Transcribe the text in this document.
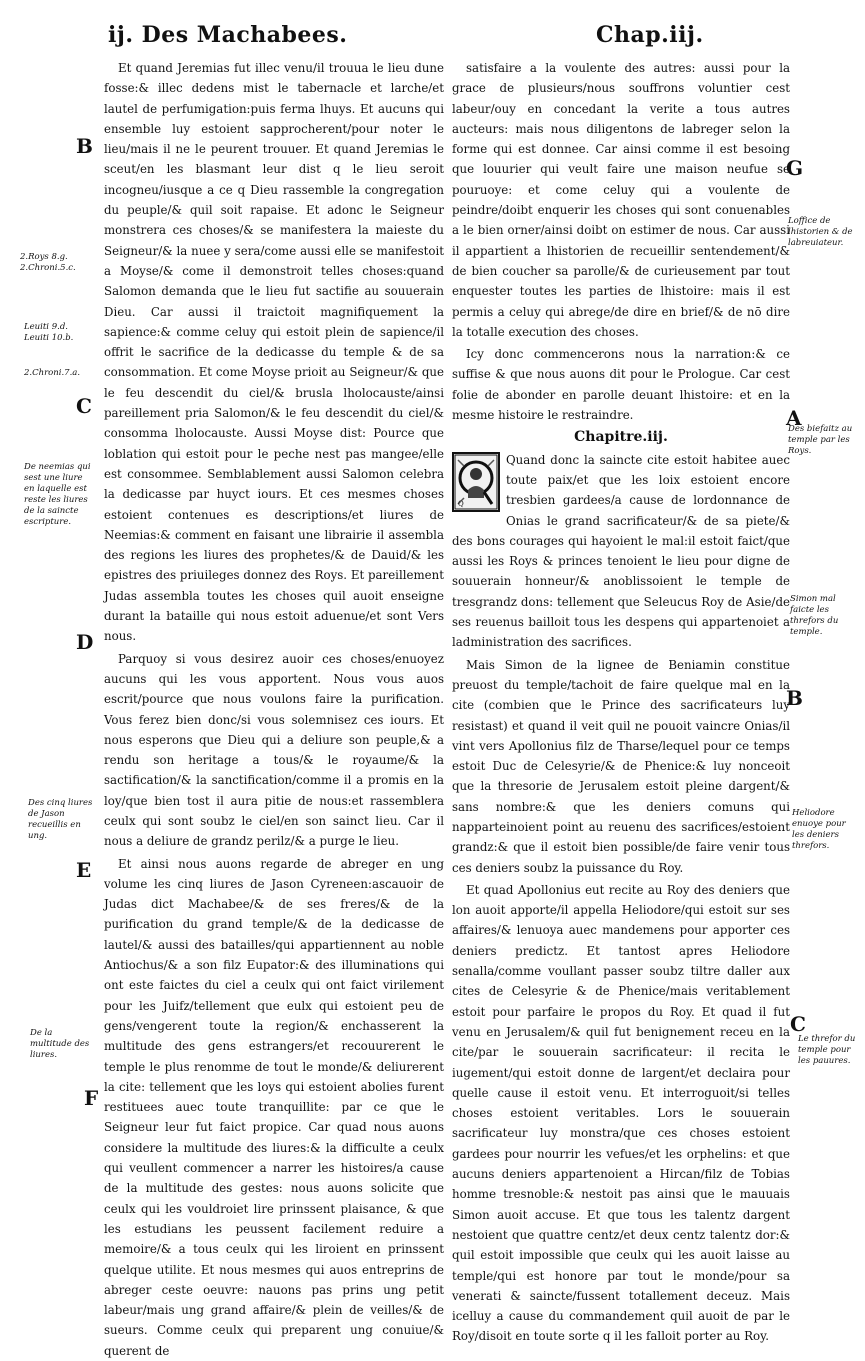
ij. Des Machabees.	Chap.iij.

Et quand Jeremias fut illec venu/il trouua le lieu dune fosse:& illec dedens mist le tabernacle et larche/et lautel de perfumigation:puis ferma lhuys. Et aucuns qui ensemble luy estoient sapprocherent/pour noter le lieu/mais il ne le peurent trouuer. Et quand Jeremias le sceut/en les blasmant leur dist q le lieu seroit incogneu/iusque a ce q Dieu rassemble la congregation du peuple/& quil soit rapaise. Et adonc le Seigneur monstrera ces choses/& se manifestera la maieste du Seigneur/& la nuee y sera/come aussi elle se manifestoit a Moyse/& come il demonstroit telles choses:quand Salomon demanda que le lieu fut sactifie au souuerain Dieu. Car aussi il traictoit magnifiquement la sapience:& comme celuy qui estoit plein de sapience/il offrit le sacrifice de la dedicasse du temple & de sa consommation. Et come Moyse prioit au Seigneur/& que le feu descendit du ciel/& brusla lholocauste/ainsi pareillement pria Salomon/& le feu descendit du ciel/& consomma lholocauste. Aussi Moyse dist: Pource que loblation qui estoit pour le peche nest pas mangee/elle est consommee. Semblablement aussi Salomon celebra la dedicasse par huyct iours. Et ces mesmes choses estoient contenues es descriptions/et liures de Neemias:& comment en faisant une librairie il assembla des regions les liures des prophetes/& de Dauid/& les epistres des priuileges donnez des Roys. Et pareillement Judas assembla toutes les choses quil auoit enseigne durant la bataille qui nous estoit aduenue/et sont Vers nous.

Parquoy si vous desirez auoir ces choses/enuoyez aucuns qui les vous apportent. Nous vous auos escrit/pource que nous voulons faire la purification. Vous ferez bien donc/si vous solemnisez ces iours. Et nous esperons que Dieu qui a deliure son peuple,& a rendu son heritage a tous/& le royaume/& la sactification/& la sanctification/comme il a promis en la loy/que bien tost il aura pitie de nous:et rassemblera ceulx qui sont soubz le ciel/en son sainct lieu. Car il nous a deliure de grandz perilz/& a purge le lieu.

Et ainsi nous auons regarde de abreger en ung volume les cinq liures de Jason Cyreneen:ascauoir de Judas dict Machabee/& de ses freres/& de la purification du grand temple/& de la dedicasse de lautel/& aussi des batailles/qui appartiennent au noble Antiochus/& a son filz Eupator:& des illuminations qui ont este faictes du ciel a ceulx qui ont faict virilement pour les Juifz/tellement que eulx qui estoient peu de gens/vengerent toute la region/& enchasserent la multitude des gens estrangers/et recouurerent le temple le plus renomme de tout le monde/& deliurerent la cite: tellement que les loys qui estoient abolies furent restituees auec toute tranquillite: par ce que le Seigneur leur fut faict propice. Car quad nous auons considere la multitude des liures:& la difficulte a ceulx qui veullent commencer a narrer les histoires/a cause de la multitude des gestes: nous auons solicite que ceulx qui les vouldroiet lire prinssent plaisance, & que les estudians les peussent facilement reduire a memoire/& a tous ceulx qui les liroient en prinssent quelque utilite. Et nous mesmes qui auos entreprins de abreger ceste oeuvre: nauons pas prins ung petit labeur/mais ung grand affaire/& plein de veilles/& de sueurs. Comme ceulx qui preparent ung conuiue/& querent de

satisfaire a la voulente des autres: aussi pour la grace de plusieurs/nous souffrons voluntier cest labeur/ouy en concedant la verite a tous autres aucteurs: mais nous diligentons de labreger selon la forme qui est donnee. Car ainsi comme il est besoing que louurier qui veult faire une maison neufue se pouruoye: et come celuy qui a voulente de peindre/doibt enquerir les choses qui sont conuenables a le bien orner/ainsi doibt on estimer de nous. Car aussi il appartient a lhistorien de recueillir sentendement/& de bien coucher sa parolle/& de curieusement par tout enquester toutes les parties de lhistoire: mais il est permis a celuy qui abrege/de dire en brief/& de nō dire la totalle execution des choses.

Icy donc commencerons nous la narration:& ce suffise & que nous auons dit pour le Prologue. Car cest folie de abonder en parolle deuant lhistoire: et en la mesme histoire le restraindre.

Chapitre.iij.
Q

Quand donc la saincte cite estoit habitee auec toute paix/et que les loix estoient encore tresbien gardees/a cause de lordonnance de Onias le grand sacrificateur/& de sa piete/& des bons courages qui hayoient le mal:il estoit faict/que aussi les Roys & princes tenoient le lieu pour digne de souuerain honneur/& anoblissoient le temple de tresgrandz dons: tellement que Seleucus Roy de Asie/de ses reuenus bailloit tous les despens qui appartenoiet a ladministration des sacrifices.

Mais Simon de la lignee de Beniamin constitue preuost du temple/tachoit de faire quelque mal en la cite (combien que le Prince des sacrificateurs luy resistast) et quand il veit quil ne pouoit vaincre Onias/il vint vers Apollonius filz de Tharse/lequel pour ce temps estoit Duc de Celesyrie/& de Phenice:& luy nonceoit que la thresorie de Jerusalem estoit pleine dargent/& sans nombre:& que les deniers comuns qui napparteinoient point au reuenu des sacrifices/estoient grandz:& que il estoit bien possible/de faire venir tous ces deniers soubz la puissance du Roy.

Et quad Apollonius eut recite au Roy des deniers que lon auoit apporte/il appella Heliodore/qui estoit sur ses affaires/& lenuoya auec mandemens pour apporter ces deniers predictz. Et tantost apres Heliodore senalla/comme voullant passer soubz tiltre daller aux cites de Celesyrie & de Phenice/mais veritablement estoit pour parfaire le propos du Roy. Et quad il fut venu en Jerusalem/& quil fut benignement receu en la cite/par le souuerain sacrificateur: il recita le iugement/qui estoit donne de largent/et declaira pour quelle cause il estoit venu. Et interroguoit/si telles choses estoient veritables. Lors le souuerain sacrificateur luy monstra/que ces choses estoient gardees pour nourrir les vefues/et les orphelins: et que aucuns deniers appartenoient a Hircan/filz de Tobias homme tresnoble:& nestoit pas ainsi que le mauuais Simon auoit accuse. Et que tous les talentz dargent nestoient que quattre centz/et deux centz talentz dor:& quil estoit impossible que ceulx qui les auoit laisse au temple/qui est honore par tout le monde/pour sa venerati & saincte/fussent totallement deceuz. Mais icelluy a cause du commandement quil auoit de par le Roy/disoit en toute sorte q il les falloit porter au Roy.

2.Roys 8.g. 2.Chroni.5.c.
Leuiti 9.d. Leuiti 10.b.
2.Chroni.7.a.
De neemias qui sest une liure en laquelle est reste les liures de la saincte escripture.
Des cinq liures de Jason recueillis en ung.
De la multitude des liures.
B
C
D
E
F
Loffice de lhistorien & de labreuiateur.
Des biefaitz au temple par les Roys.
Simon mal faicte les threfors du temple.
Heliodore enuoye pour les deniers threfors.
Le threfor du temple pour les pauures.
G
A
B
C
